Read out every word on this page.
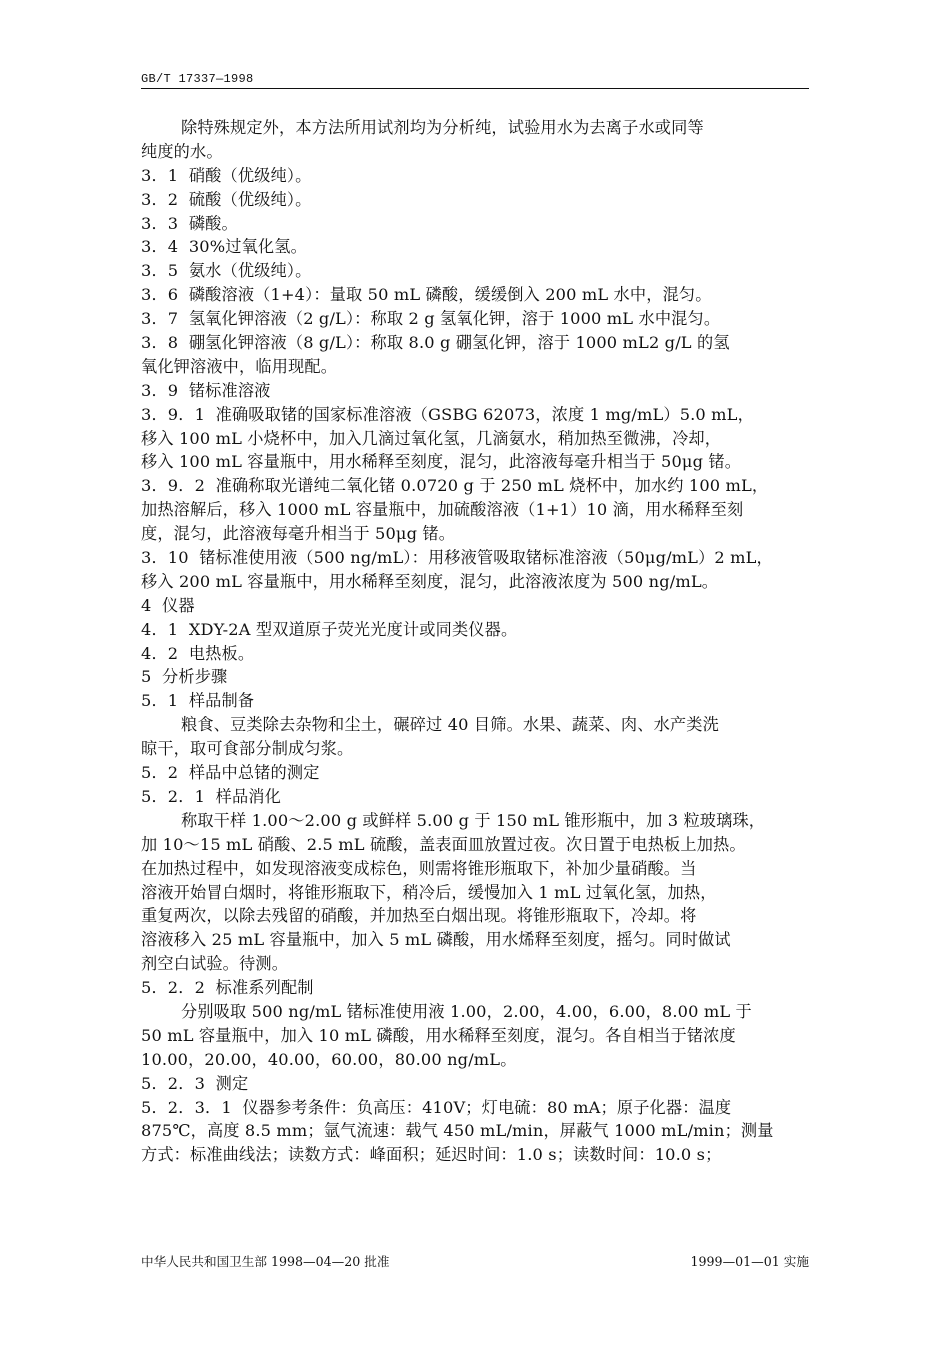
GB/T 17337—1998
除特殊规定外，本方法所用试剂均为分析纯，试验用水为去离子水或同等
纯度的水。
3．1  硝酸（优级纯）。
3．2  硫酸（优级纯）。
3．3  磷酸。
3．4  30%过氧化氢。
3．5  氨水（优级纯）。
3．6  磷酸溶液（1+4）：量取 50 mL 磷酸，缓缓倒入 200 mL 水中，混匀。
3．7  氢氧化钾溶液（2 g/L）：称取 2 g 氢氧化钾，溶于 1000 mL 水中混匀。
3．8  硼氢化钾溶液（8 g/L）：称取 8.0 g 硼氢化钾，溶于 1000 mL2 g/L 的氢
氧化钾溶液中，临用现配。
3．9  锗标准溶液
3．9．1  准确吸取锗的国家标准溶液（GSBG 62073，浓度 1 mg/mL）5.0 mL，
移入 100 mL 小烧杯中，加入几滴过氧化氢，几滴氨水，稍加热至微沸，冷却，
移入 100 mL 容量瓶中，用水稀释至刻度，混匀，此溶液每毫升相当于 50μg 锗。
3．9．2  准确称取光谱纯二氧化锗 0.0720 g 于 250 mL 烧杯中，加水约 100 mL，
加热溶解后，移入 1000 mL 容量瓶中，加硫酸溶液（1+1）10 滴，用水稀释至刻
度，混匀，此溶液每毫升相当于 50μg 锗。
3．10  锗标准使用液（500 ng/mL）：用移液管吸取锗标准溶液（50μg/mL）2 mL，
移入 200 mL 容量瓶中，用水稀释至刻度，混匀，此溶液浓度为 500 ng/mL。
4  仪器
4．1  XDY-2A 型双道原子荧光光度计或同类仪器。
4．2  电热板。
5  分析步骤
5．1  样品制备
粮食、豆类除去杂物和尘土，碾碎过 40 目筛。水果、蔬菜、肉、水产类洗
晾干，取可食部分制成匀浆。
5．2  样品中总锗的测定
5．2．1  样品消化
称取干样 1.00～2.00 g 或鲜样 5.00 g 于 150 mL 锥形瓶中，加 3 粒玻璃珠，
加 10～15 mL 硝酸、2.5 mL 硫酸，盖表面皿放置过夜。次日置于电热板上加热。
在加热过程中，如发现溶液变成棕色，则需将锥形瓶取下，补加少量硝酸。当
溶液开始冒白烟时，将锥形瓶取下，稍冷后，缓慢加入 1 mL 过氧化氢，加热，
重复两次，以除去残留的硝酸，并加热至白烟出现。将锥形瓶取下，冷却。将
溶液移入 25 mL 容量瓶中，加入 5 mL 磷酸，用水烯释至刻度，摇匀。同时做试
剂空白试验。待测。
5．2．2  标准系列配制
分别吸取 500 ng/mL 锗标准使用液 1.00，2.00，4.00，6.00，8.00 mL 于
50 mL 容量瓶中，加入 10 mL 磷酸，用水稀释至刻度，混匀。各自相当于锗浓度
10.00，20.00，40.00，60.00，80.00 ng/mL。
5．2．3  测定
5．2．3．1  仪器参考条件：负高压：410V；灯电硫：80 mA；原子化器：温度
875℃，高度 8.5 mm；氩气流速：载气 450 mL/min，屏蔽气 1000 mL/min；测量
方式：标准曲线法；读数方式：峰面积；延迟时间：1.0 s；读数时间：10.0 s；
中华人民共和国卫生部 1998—04—20 批准	1999—01—01 实施
